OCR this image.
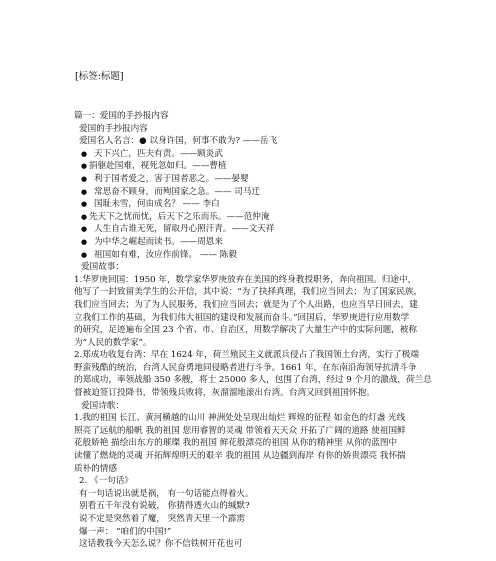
[标签:标题]
篇一：爱国的手抄报内容
爱国的手抄报内容
爱国名人名言：● 以身许国，何事不敢为? ——岳飞
● 天下兴亡，匹夫有责。——顾炎武
● 捐躯赴国难，视死忽如归。——曹植
● 利于国者爱之，害于国者恶之。——晏婴
● 常思奋不顾身，而殉国家之急。—— 司马迁
● 国耻未雪，何由成名？ —— 李白
● 先天下之忧而忧，后天下之乐而乐。——范仲淹
● 人生自古谁无死，留取丹心照汗青。——文天祥
● 为中华之崛起而读书。——周恩来
● 祖国如有难，汝应作前锋。 —— 陈毅
爱国故事：
1.华罗庚回国：1950 年，数学家华罗庚放弃在美国的终身教授职务，奔向祖国。归途中，
他写了一封致留美学生的公开信，其中说：“为了抉择真理，我们应当回去；为了国家民族，
我们应当回去；为了为人民服务，我们应当回去；就是为了个人出路，也应当早日回去，建
立我们工作的基础，为我们伟大祖国的建设和发展而奋斗。”回国后，华罗庚进行应用数学
的研究，足迹遍布全国 23 个省、市、自治区，用数学解决了大量生产中的实际问题，被称
为“人民的数学家”。
2.郑成功收复台湾：早在 1624 年，荷兰殖民主义就派兵侵占了我国领土台湾，实行了极端
野蛮残酷的统治，台湾人民奋勇地同侵略者进行斗争。1661 年，在东南沿海领导抗清斗争
的郑成功，率领战船 350 多艘，将士 25000 多人，包围了台湾，经过 9 个月的激战，荷兰总
督被迫签订投降书，带领残兵败将，灰溜溜地滚出台湾。台湾又回到祖国怀抱。
爱国诗歌：
1.我的祖国 长江、黄河横越的山川 神洲处处呈现出灿烂 辉煌的征程 如金色的灯盏 光线
照亮了远航的船帆 我的祖国 您用睿智的灵魂 带领着天天众 开拓了广阔的道路 使祖国鲜
花般娇艳 描绘出东方的璀璨 我的祖国 鲜花般漂亮的祖国 从你的精神里 从你的蓝图中
读懂了燃烧的灵魂 开拓辉煌明天的艰辛 我的祖国 从边疆到海岸 有你的娇贵漂亮 我怀揣
质朴的情感
2. 《一句话》
有一句话说出就是祸， 有一句话能点得着火。
别看五千年没有说破， 你猜得透火山的缄默?
说不定是突然着了魔， 突然青天里一个霹雳
爆一声： “咱们的中国!”
这话教我今天怎么说？你不信铁树开花也可
